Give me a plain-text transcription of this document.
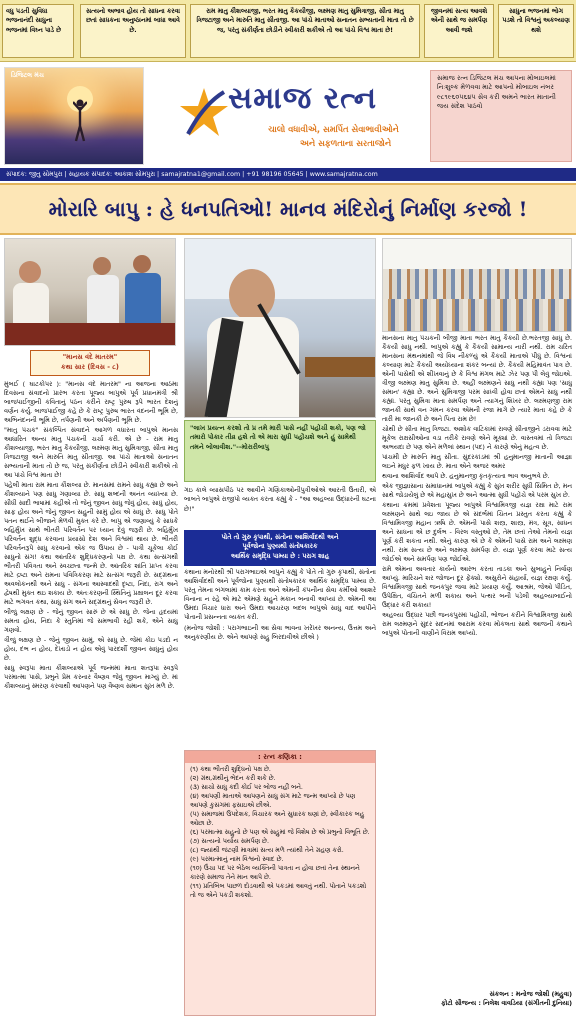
વધુ પડતી સુવિધા ભજનાનંદી સાધુના ભજનમાં વિઘ્ન પાડે છે
સત્યનો અભાવ હોય તો સાધના કરવા છતાં સાધકના અનુષ્ઠાનમાં બાધા આવે છે.
રામ માતુ કૌશલ્યાજી, ભરત માતુ કૈકયીજી, લક્ષ્મણ માતુ સુમિત્રાજી, સીતા માતુ ત્રિજટાજી અને મારુતિ માતુ સીતાજી. આ પાંચે માતાઓ સનાતન સભ્યતાની માતા તો છે જ, પરંતુ સંકીર્ણતા છોડીને સ્વીકારી શકીએ તો આ પાંચે વિશ્વ માતા છે!
જીવનમાં સત્ય આવશે એની સાથે જ સમર્પણ આવી જશે
સાધુના ભજનમાં ભોગ પડશે તો વિશ્વનું અકલ્યાણ થશે
ડિજિટલ મંચ
સમાજ રત્ન
ચાલો વધાવીએ, સમર્પિત સેવાભાવીઓને
અને સફળતાના સરતાજોને
સમાજ રત્ન ડિજિટલ મંચ આપના મોબાઇલમાં નિઃશુલ્ક મેળવવા માટે આપનો મોબાઇલ નંબર ૯૮૧૯૬૦૫૬૪૫ સેવ કરી અમને ભારત માતાની જય સંદેશ પાઠવો
સંપાદક: જીતુ સોમપુરા | સહાયક સંપાદક: આકાશ સોમપુરા | samajratna1@gmail.com | +91 98196 05645 | www.samajratna.com
મોરારિ બાપુ : હે ધનપતિઓ! માનવ મંદિરોનું નિર્માણ કરજો !
"માનસ વંદે માતરમ"
કથા સાર (દિવસ - ૮)

મુંબઈ ( ઘાટકોપર ): "માનસ વંદે માતરમ" ના આજના આઠમા દિવસના સંવાદનો પ્રારંભ કરતા પૂજ્ય બાપુએ પૂર્વ પ્રધાનમંત્રી શ્રી બાજપાઈજીની કવિતાનું પઠન કરીને રાષ્ટ્ર પુરુષ રૂપે ભારત દેશનું વર્ણન કર્યુ. બાજપાઈજી કહે છે કે રાષ્ટ્ર પુરુષ ભારત વંદનની ભૂમિ છે, અભિનંદનની ભૂમિ છે, તર્પણની અને અર્પણની ભૂમિ છે.

"માતુ પંચક" સંકલ્પિત સંવાદને આગળ વધારતા બાપુએ માનસ આધારિત અન્ય માતુ પંચકની ચર્ચા કરી. એ છે - રામ માતુ કૌશલ્યાજી, ભરત માતુ કૈકયીજી, લક્ષ્મણ માતુ સુમિત્રાજી, સીતા માતુ ત્રિજટાજી અને મારુતિ માતુ સીતાજી. આ પાંચે માતાઓ સનાતન સભ્યતાની માતા તો છે જ, પરંતુ સંકીર્ણતા છોડીને સ્વીકારી શકીએ તો આ પાંચે વિશ્વ માતા છે!

પહેલી માતા રામ માતા કૌશલ્યા છે. માનસમાં રામને સાધુ કહ્યા છે અને કૌશલ્યાને પણ સાધુ ગણાવ્યા છે. સાધુ શબ્દની અનંત વ્યાખ્યા છે. સીધી સાદી ભાષામાં કહીએ તો જેનું જીવન સાધુ જેવું હોય, સાધું હોય, સાફ હોય અને જેનું જીવન સહુની સામું હોય એ સાધુ છે. સાધુ પોતે પતન થઈને બીજાને મેળવી મુક્ત કરે છે. બાપુ એ જણાવ્યું કે સાધકે બહિર્મુખ સાથે ભીતરી પરિવર્તન પર ધ્યાન દેવું જરૂરી છે. બહિર્મુખ પરિવર્તન શુદ્ધ કરવાના પ્રયાસો દેશ અને વિશ્વમાં થાય છે. ભીતરી પરિવર્તનરૂપે સાધુ કરવાનો એક જ ઉપાય છે - પાત્રી ચૂકેલા કોઈ સાધુનો સંગ! કથા આંતરિક શુદ્ધિકરણનો પક્ષ છે. કથા સત્સંગથી ભીતરી પવિત્રતા અને સ્વચ્છતા જન્મે છે. આંતરિક શાંતિ પ્રાપ્ત કરવા માટે દ્રષ્ટા અને રામના પવિત્રિકરણ માટે સત્સંગ જરૂરી છે. સદ્ગ્રંથના અવલોકનથી અને સાધુ - સંગના આસ્વાદથી દૃષ્ટા, નિંદા, રાગ અને દ્વેષથી મુક્ત થઇ શકાય છે. અંતઃકરણની સ્થિતિનું પ્રક્ષાલન દૂર કરવા માટે ભગવત કથા, સાધુ સંગ અને સદ્ગ્રંથનું સેવન જરૂરી છે.

બીજું લક્ષણ છે - જેનું જીવન સારું છે એ સાધુ છે. જેના હૃદયમાં સમતા હોય, નિંદા કે સ્તુતિમાં જે સમભાવી રહી શકે, એને સાધુ ગણવો.

ત્રીજું લક્ષણ છે - જેનું જીવન સામું, એ સાધુ છે. જેમાં કોઇ પડદો ન હોય, દંભ ન હોય, દેખાડો ન હોય એવું પારદર્શી જીવન સાધુનું હોય છે.

સાધુ સ્વરૂપા માતા કૌશલ્યાએ પૂર્વ જન્મમાં માતા શતરૂપા સ્વરૂપે પરમાત્મા પાસે, પ્રભુને પ્રેમ કરનાર વૈષ્ણવ જેવું જીવન માગ્યું છે. માં કૌશલ્યાનું સ્મરણ કરવાથી આપણને પણ વૈષ્ણવ સમાન સુખ મળે છે.

"લાખ પ્રયત્ન કરશો તો પ્ર તમે મારી પાસે નહીં પહોંચી શકો, પણ જો તમારો પોકાર તીવ્ર હશે તો એ મારા સુધી પહોંચશે અને હું સામેથી તમને બોલાવીશ."--મોરારીબાપુ
ગઇ કાલે વ્યાસપીઠ પર આવીને ગણિકાઓનીપુત્રીઓએ આરતી ઉતારી, એ બાબતે બાપુએ રાજીપો વ્યક્ત કરતા કહ્યું કે - "આ અહલ્યા ઉદ્ધારની ઘટના છે!"
પોતે તો ગુરુ કૃપાથી, સંતોના આશિર્વાદથી અને
પૂર્વજોના પુણ્યથી સંતોષકારક
આર્થિક સમૃદ્ધિ પામ્યા છે : પરાગ શાહ

કથાના મનોરથી શ્રી પરાગભાઇએ બાપુને કહ્યું કે પોતે તો ગુરુ કૃપાથી, સંતોના આશિર્વાદથી અને પૂર્વજોના પુણ્યથી સંતોષકારક આર્થિક સમૃદ્ધિ પામ્યા છે. પરંતુ તેમના બંગલામાં કામ કરતા અને એમની કંપનીના સેવા કર્મીઓ આશરે વિનાના ન રહે એ માટે એમણે સહુને મકાન બનાવી આપ્યાં છે. એમની આ ઉમદા વિચાર ધારા અને ઉમદા આચરણ બદલ બાપુએ સાધુ વાદ આપીને પોતાની પ્રસન્નતા વ્યક્ત કરી.

(મનોજ જોશી : પરાગભાઇની આ સેવા ભાવના ખરેખર અનન્ય, ઉત્તમ અને અનુકરણીય છે. એને આપણે સહુ બિરદાવીએ છીએ )

: રત્ન કણિકા :
(૧) કથા ભીતરી શુદ્ધિનો પક્ષ છે.
(૨) ગ્રંથ,ગ્રંથીનું ભેદન કરી શકે છે.
(૩) સાચો સાધુ કદી કોઈ પર બોજ નહીં બને.
(૪) આપણી માતાએ આપણને સાધુ સંગ માટે જન્મ આપ્યો છે પણ આપણે કુસંગમાં ફસાઇએ છીએ.
(૫) સમાજમાં ઉપદેશક, વિચારક અને સુધારક ઘણાં છે, સ્વીકારક બહુ ઓછા છે.
(૬) પરમાત્મા સહુનો છે પણ એ સહુમાં જે વિશેષ છે એ પ્રભુનો વિભૂતિ છે.
(૭) સત્યનો પર્યાય સમર્પણ છે.
(૮) જ્યાંથી જંટણી માત્રામાં સત્ય મળે ત્યાંથી તેને ગ્રહણ કરો.
(૯) પરમાત્માનું નામ વિશ્વનો સ્વાદ છે.
(૧૦) ઉંચા પદ પર બેઠેલ વ્યક્તિની પાત્રતા ન હોવા છતાં તેના સ્થાનને કારણે સમાજ તેને માન આપે છે.
(૧૧) પ્રતિબિંબ પાછળ દોડવાથી એ પકડમાં આવતું નથી. પોતાને પકડશો તો જ એને પકડી શકશો.

માનસના માતુ પંચકની બીજી માતા ભરત માતુ કૈકયી છે.ભરતજી સાધુ છે. કૈકયી સાધુ નથી. બાપુએ કહ્યું કે કૈકયી સામાન્ય નારી નથી. રામ ચરિત માનસના મંથનમાંથી જે વિષ નીકળ્યું એ કૈકયી માતાએ પીધું છે. વિશ્વનાં કલ્યાણ માટે કૈકયી અયોધ્યાના શંકર બન્યાં છે. કૈકયી મહિમાવંત પાત્ર છે. એની પાસેથી એ શીખવાનું છે કે વિશ્વ મંગલ માટે ઝેર પણ પી લેવું જોઇએ. ત્રીજી લક્ષ્મણ માતુ સુમિત્રા છે. અહીં લક્ષ્મણને સાધુ નથી કહ્યા પણ 'સાધુ સમાન' કહ્યા છે. અને સુમિત્રાજી પરમ સાધ્વી હોવા છતાં એમને સાધુ નથી કહ્યાં. પરંતુ સુમિત્રા માતા સમર્પણ અને ત્યાગનું શિખર છે. લક્ષ્મણજી રામ જાનકી સાથે વન ગમન કરવા એમની રજા માગે છે ત્યારે માતા કહે છે કે તારી મા જાનકી છે અને પિતા રામ છે!

ચોથી છે સીતા માતુ ત્રિજટા. અશોક વાટિકામાં રાવણે સીતાજીને ડરાવવા માટે મૂકેલ રાક્ષસીઓના વડા તરીકે રાવણે એને મૂક્યાં છે. વાસ્તવમાં તો ત્રિજટા અભયદા છે પણ એને મળેલાં સ્થાન (પદ) ને કારણે એનું મહત્વ છે.

પાંચમી છે મારુતિ માતુ સીતા. સુંદરકાંડમાં શ્રી હનુમાનજી માતાની આજ્ઞા લઇને મધુર ફળ ખાય છે. માતા એને અજર અમર

થવાના આશિર્વાદ આપે છે. હનુમાનજી કૃતકૃત્યતા ભાવ અનુભવે છે.

એક જીજ્ઞાસાના સમાધાનમાં બાપુએ કહ્યું કે સુખ શરીર સુધી સિમિત છે, મન સાથે જોડાયેલું છે એ મહાસુખ છે અને આત્મા સુધી પહોંચે એ પરમ સુખ છે.

કથાના ક્રમમાં પ્રવેશતા પૂજ્ય બાપુએ વિશ્વામિત્રજી યજ્ઞ રક્ષા માટે રામ લક્ષ્મણને સાથે લઇ જાય છે એ સંદર્ભમાં ચિંતન પ્રસ્તુત કરતા કહ્યું કે વિશ્વામિત્રજી મહાન ઋષિ છે. એમની પાસે શસ્ત્ર, શાસ્ત્ર, મંત્ર, સૂત્ર, સાધન અને સાધના એ છ દુર્લભ - વિરલ વસ્તુઓ છે, તેમ છતાં તેઓ તેમનો યજ્ઞ પૂર્ણ કરી શકતા નથી. એનું કારણ એ છે કે એમની પાસે રામ અને લક્ષ્મણ નથી. રામ સત્ય છે અને લક્ષ્મણ સમર્પણ છે. યજ્ઞ પૂર્ણ કરવા માટે સત્ય જોઈએ અને સમર્પણ પણ જોઈએ.

રામે એમના અવતાર કાર્યનો આરંભ કરતા તાડકા અને સુબાહુને નિર્વાણ આપ્યું. મારિચને શર જોજન દૂર ફેંક્યો. અસુરોને સંહાર્યા, યજ્ઞ રક્ષણ કર્યું. વિશ્વામિત્રજી સાથે જનકપુર જવા માટે પ્રયાણ કર્યું. આશ્રમ, જેઓ પીડિત, ઉપેક્ષિત, વંચિતને મળી શકાય અને પત્થર બની પડેલી અહલ્યાબાઈનો ઉદ્ધાર કરી શકાય!

અહલ્યા ઉદ્ધાર પછી જનકપુરમાં પહોંચી, ભોજન કરીને વિશ્વામિત્રજી સાથે રામ લક્ષ્મણને સુંદર સદનમાં આરામ કરવા મોકલતા સાથે આજની કથાને બાપુએ પોતાની વાણીને વિરામ આપ્યો.

સંકલન : મનોજ જોશી (મહુવા)
ફોટો સૌજન્ય : નિલેશ વાવડિયા (સંગીતની દુનિયા)
